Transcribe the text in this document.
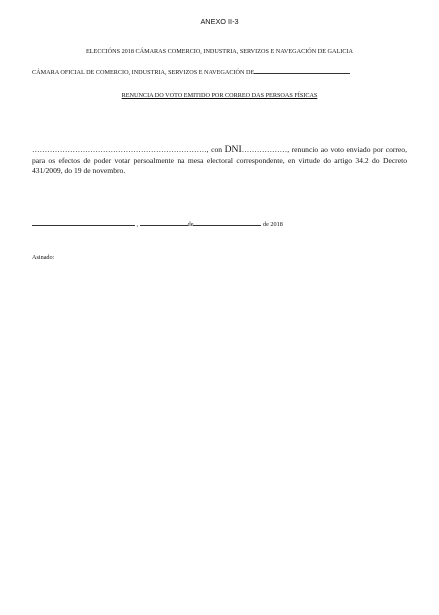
ANEXO II-3
ELECCIÓNS 2018 CÁMARAS COMERCIO, INDUSTRIA, SERVIZOS E NAVEGACIÓN DE GALICIA
CÁMARA OFICIAL DE COMERCIO, INDUSTRIA, SERVIZOS E NAVEGACIÓN DE
RENUNCIA DO VOTO EMITIDO POR CORREO DAS PERSOAS FÍSICAS
……………………………………………………………, con DNI………………, renuncio ao voto enviado por correo, para os efectos de poder votar persoalmente na mesa electoral correspondente, en virtude do artigo 34.2 do Decreto 431/2009, do 19 de novembro.
,	de	de 2018
Asinado:
